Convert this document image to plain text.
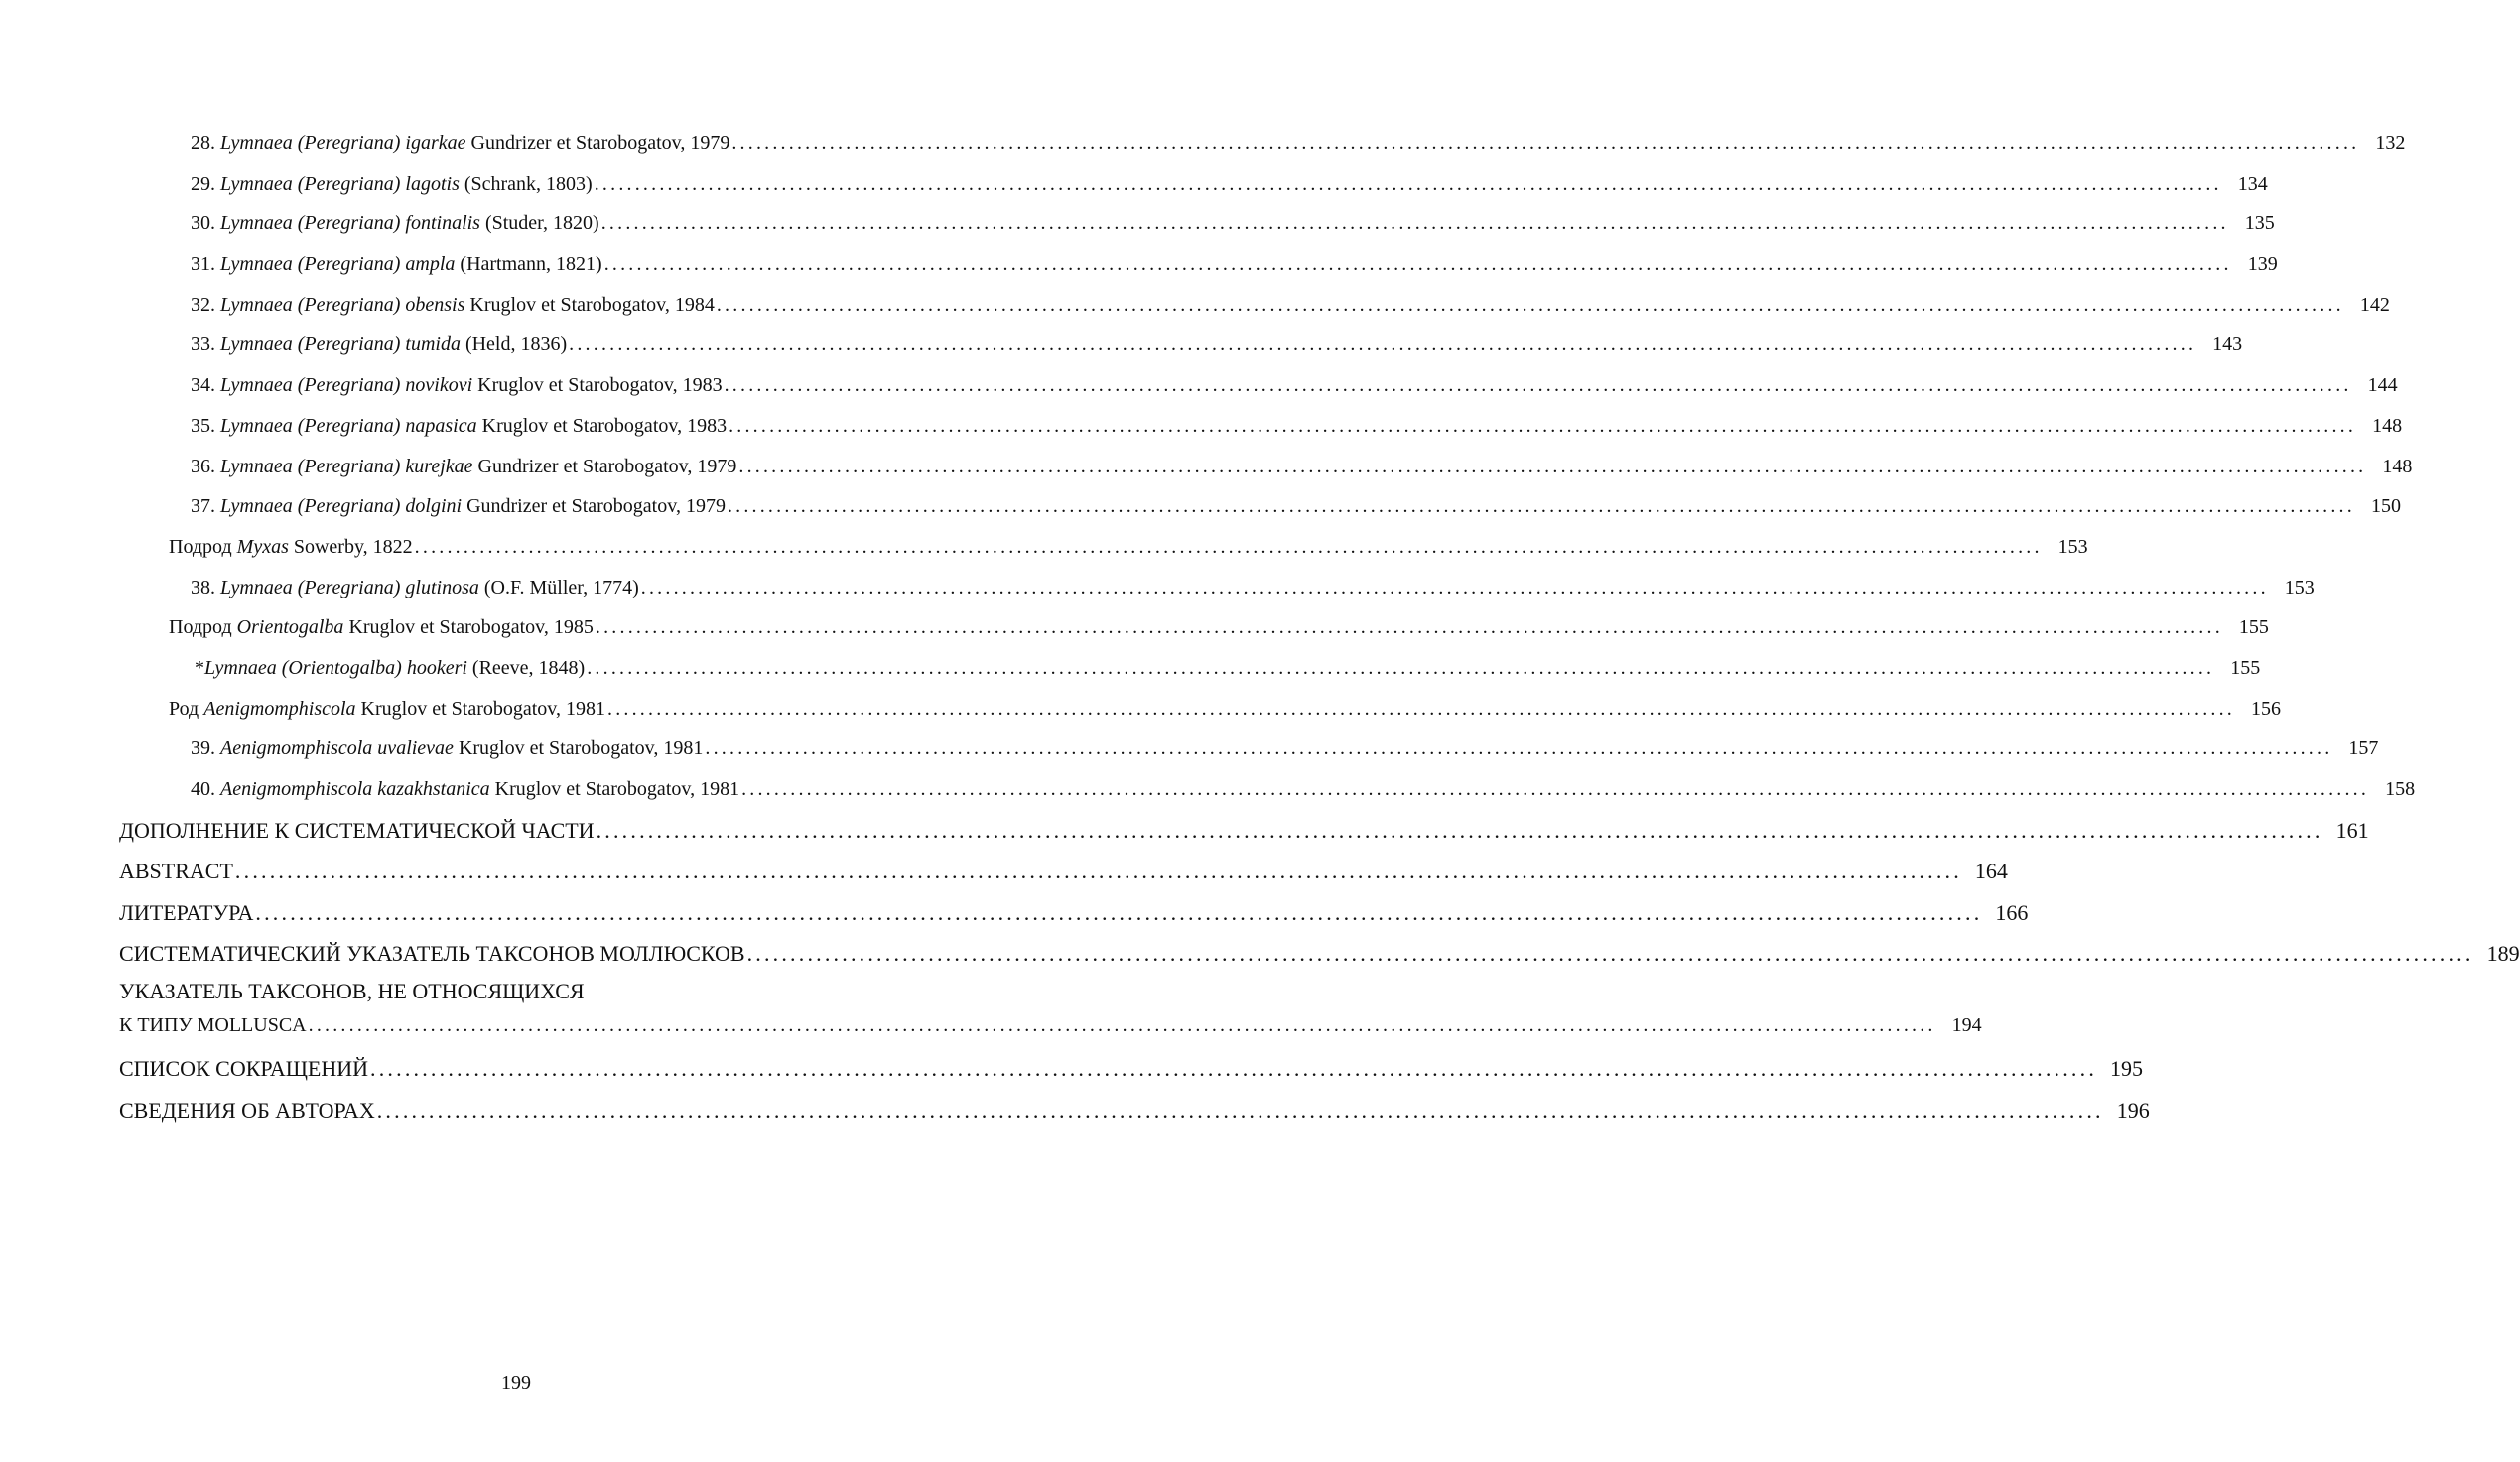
28. Lymnaea (Peregriana) igarkae Gundrizer et Starobogatov, 1979 ........................................................................................................................................................................................................ 132
29. Lymnaea (Peregriana) lagotis (Schrank, 1803) ........................................................................................................................................................................................................ 134
30. Lymnaea (Peregriana) fontinalis (Studer, 1820) ........................................................................................................................................................................................................ 135
31. Lymnaea (Peregriana) ampla (Hartmann, 1821) ........................................................................................................................................................................................................ 139
32. Lymnaea (Peregriana) obensis Kruglov et Starobogatov, 1984 ........................................................................................................................................................................................................ 142
33. Lymnaea (Peregriana) tumida (Held, 1836) ........................................................................................................................................................................................................ 143
34. Lymnaea (Peregriana) novikovi Kruglov et Starobogatov, 1983 ........................................................................................................................................................................................................ 144
35. Lymnaea (Peregriana) napasica Kruglov et Starobogatov, 1983 ........................................................................................................................................................................................................ 148
36. Lymnaea (Peregriana) kurejkae Gundrizer et Starobogatov, 1979 ........................................................................................................................................................................................................ 148
37. Lymnaea (Peregriana) dolgini Gundrizer et Starobogatov, 1979 ........................................................................................................................................................................................................ 150
Подрод Myxas Sowerby, 1822 ........................................................................................................................................................................................................ 153
38. Lymnaea (Peregriana) glutinosa (O.F. Müller, 1774) ........................................................................................................................................................................................................ 153
Подрод Orientogalba Kruglov et Starobogatov, 1985 ........................................................................................................................................................................................................ 155
*Lymnaea (Orientogalba) hookeri (Reeve, 1848) ........................................................................................................................................................................................................ 155
Род Aenigmomphiscola Kruglov et Starobogatov, 1981 ........................................................................................................................................................................................................ 156
39. Aenigmomphiscola uvalievae Kruglov et Starobogatov, 1981 ........................................................................................................................................................................................................ 157
40. Aenigmomphiscola kazakhstanica Kruglov et Starobogatov, 1981 ........................................................................................................................................................................................................ 158
ДОПОЛНЕНИЕ К СИСТЕМАТИЧЕСКОЙ ЧАСТИ ........................................................................................................................................................................................................ 161
ABSTRACT ........................................................................................................................................................................................................ 164
ЛИТЕРАТУРА ........................................................................................................................................................................................................ 166
СИСТЕМАТИЧЕСКИЙ УКАЗАТЕЛЬ ТАКСОНОВ МОЛЛЮСКОВ ........................................................................................................................................................................................................ 189
УКАЗАТЕЛЬ ТАКСОНОВ, НЕ ОТНОСЯЩИХСЯ
К ТИПУ MOLLUSCA ........................................................................................................................................................................................................ 194
СПИСОК СОКРАЩЕНИЙ ........................................................................................................................................................................................................ 195
СВЕДЕНИЯ ОБ АВТОРАХ ........................................................................................................................................................................................................ 196
199
